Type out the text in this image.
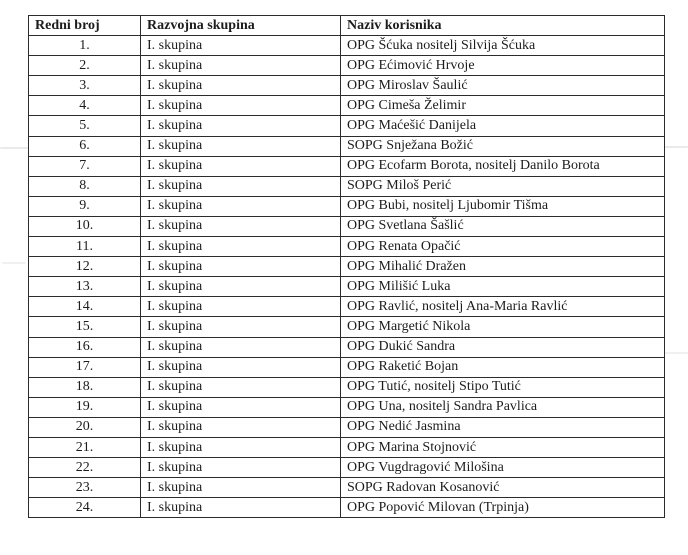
Redni broj	Razvojna skupina	Naziv korisnika
1.	I. skupina	OPG Šćuka nositelj Silvija Šćuka
2.	I. skupina	OPG Ećimović Hrvoje
3.	I. skupina	OPG Miroslav Šaulić
4.	I. skupina	OPG Cimeša Želimir
5.	I. skupina	OPG Maćešić Danijela
6.	I. skupina	SOPG Snježana Božić
7.	I. skupina	OPG Ecofarm Borota, nositelj Danilo Borota
8.	I. skupina	SOPG Miloš Perić
9.	I. skupina	OPG Bubi, nositelj Ljubomir Tišma
10.	I. skupina	OPG Svetlana Šašlić
11.	I. skupina	OPG Renata Opačić
12.	I. skupina	OPG Mihalić Dražen
13.	I. skupina	OPG Milišić Luka
14.	I. skupina	OPG Ravlić, nositelj Ana-Maria Ravlić
15.	I. skupina	OPG Margetić Nikola
16.	I. skupina	OPG Dukić Sandra
17.	I. skupina	OPG Raketić Bojan
18.	I. skupina	OPG Tutić, nositelj Stipo Tutić
19.	I. skupina	OPG Una, nositelj Sandra Pavlica
20.	I. skupina	OPG Nedić Jasmina
21.	I. skupina	OPG Marina Stojnović
22.	I. skupina	OPG Vugdragović Milošina
23.	I. skupina	SOPG Radovan Kosanović
24.	I. skupina	OPG Popović Milovan (Trpinja)
